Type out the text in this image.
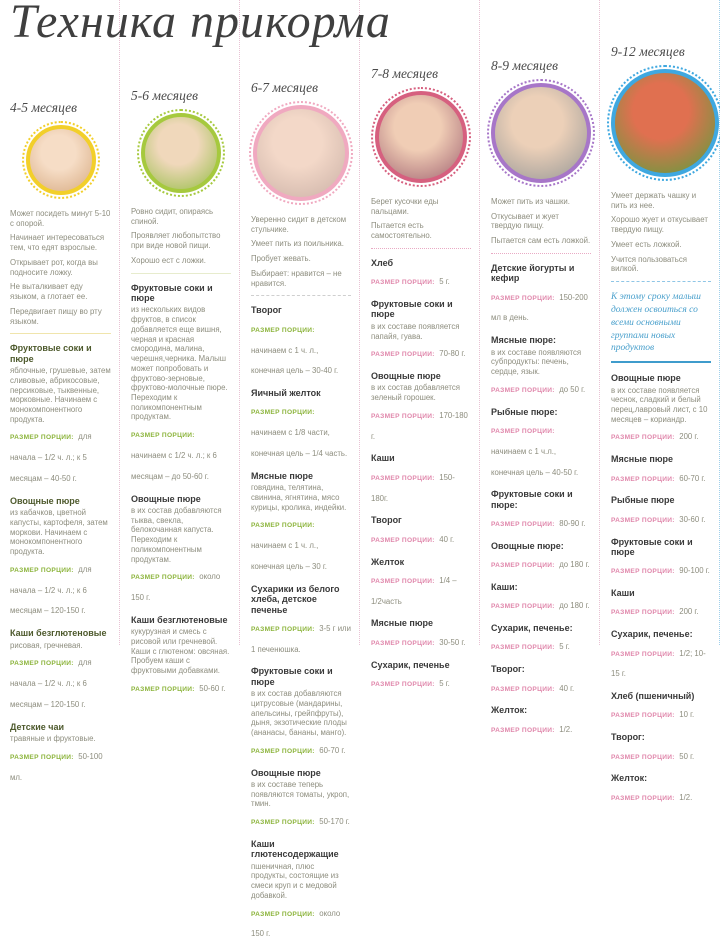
Техника прикорма
4-5 месяцев

Может посидеть минут 5-10 с опорой.

Начинает интересоваться тем, что едят взрослые.

Открывает рот, когда вы подносите ложку.

Не выталкивает еду языком, а глотает ее.

Передвигает пищу во рту языком.

Фруктовые соки и пюре

яблочные, грушевые, затем сливовые, абрикосовые, персиковые, тыквенные, морковные. Начинаем с монокомпонентного продукта.

РАЗМЕР ПОРЦИИ: для начала – 1/2 ч. л.; к 5 месяцам – 40-50 г.

Овощные пюре

из кабачков, цветной капусты, картофеля, затем моркови. Начинаем с монокомпонентного продукта.

РАЗМЕР ПОРЦИИ: для начала – 1/2 ч. л.; к 6 месяцам – 120-150 г.

Каши безглютеновые

рисовая, гречневая.

РАЗМЕР ПОРЦИИ: для начала – 1/2 ч. л.; к 6 месяцам – 120-150 г.

Детские чаи

травяные и фруктовые.

РАЗМЕР ПОРЦИИ: 50-100 мл.

5-6 месяцев

Ровно сидит, опираясь спиной.

Проявляет любопытство при виде новой пищи.

Хорошо ест с ложки.

Фруктовые соки и пюре

из нескольких видов фруктов, в список добавляется еще вишня, черная и красная смородина, малина, черешня,черника. Малыш может попробовать и фруктово-зерновые, фруктово-молочные пюре. Переходим к поликомпонентным продуктам.

РАЗМЕР ПОРЦИИ: начинаем с 1/2 ч. л.; к 6 месяцам – до 50-60 г.

Овощные пюре

в их состав добавляются тыква, свекла, белокочанная капуста. Переходим к поликомпонентным продуктам.

РАЗМЕР ПОРЦИИ: около 150 г.

Каши безглютеновые

кукурузная и смесь с рисовой или гречневой. Каши с глютеном: овсяная. Пробуем каши с фруктовыми добавками.

РАЗМЕР ПОРЦИИ: 50-60 г.

6-7 месяцев

Уверенно сидит в детском стульчике.

Умеет пить из поильника.

Пробует жевать.

Выбирает: нравится – не нравится.

Творог

РАЗМЕР ПОРЦИИ: начинаем с 1 ч. л., конечная цель – 30-40 г.

Яичный желток

РАЗМЕР ПОРЦИИ: начинаем с 1/8 части, конечная цель – 1/4 часть.

Мясные пюре

говядина, телятина, свинина, ягнятина, мясо курицы, кролика, индейки.

РАЗМЕР ПОРЦИИ: начинаем с 1 ч. л., конечная цель – 30 г.

Сухарики из белого хлеба, детское печенье

РАЗМЕР ПОРЦИИ: 3-5 г или 1 печенюшка.

Фруктовые соки и пюре

в их состав добавляются цитрусовые (мандарины, апельсины, грейпфруты), дыня, экзотические плоды (ананасы, бананы, манго).

РАЗМЕР ПОРЦИИ: 60-70 г.

Овощные пюре

в их составе теперь появляются томаты, укроп, тмин.

РАЗМЕР ПОРЦИИ: 50-170 г.

Каши глютенсодержащие

пшеничная, плюс продукты, состоящие из смеси круп и с медовой добавкой.

РАЗМЕР ПОРЦИИ: около 150 г.

7-8 месяцев

Берет кусочки еды пальцами.

Пытается есть самостоятельно.

Хлеб

РАЗМЕР ПОРЦИИ: 5 г.

Фруктовые соки и пюре

в их составе появляется папайя, гуава.

РАЗМЕР ПОРЦИИ: 70-80 г.

Овощные пюре

в их состав добавляется зеленый горошек.

РАЗМЕР ПОРЦИИ: 170-180 г.

Каши

РАЗМЕР ПОРЦИИ: 150-180г.

Творог

РАЗМЕР ПОРЦИИ: 40 г.

Желток

РАЗМЕР ПОРЦИИ: 1/4 – 1/2часть

Мясные пюре

РАЗМЕР ПОРЦИИ: 30-50 г.

Сухарик, печенье

РАЗМЕР ПОРЦИИ: 5 г.

8-9 месяцев

Может пить из чашки.

Откусывает и жует твердую пищу.

Пытается сам есть ложкой.

Детские йогурты и кефир

РАЗМЕР ПОРЦИИ: 150-200 мл в день.

Мясные пюре:

в их составе появляются субпродукты: печень, сердце, язык.

РАЗМЕР ПОРЦИИ: до 50 г.

Рыбные пюре:

РАЗМЕР ПОРЦИИ: начинаем с 1 ч.л., конечная цель – 40-50 г.

Фруктовые соки и пюре:

РАЗМЕР ПОРЦИИ: 80-90 г.

Овощные пюре:

РАЗМЕР ПОРЦИИ: до 180 г.

Каши:

РАЗМЕР ПОРЦИИ: до 180 г.

Сухарик, печенье:

РАЗМЕР ПОРЦИИ: 5 г.

Творог:

РАЗМЕР ПОРЦИИ: 40 г.

Желток:

РАЗМЕР ПОРЦИИ: 1/2.

9-12 месяцев

Умеет держать чашку и пить из нее.

Хорошо жует и откусывает твердую пищу.

Умеет есть ложкой.

Учится пользоваться вилкой.

К этому сроку малыш должен освоиться со всеми основными группами новых продуктов

Овощные пюре

в их составе появляется чеснок, сладкий и белый перец,лавровый лист, с 10 месяцев – кориандр.

РАЗМЕР ПОРЦИИ: 200 г.

Мясные пюре

РАЗМЕР ПОРЦИИ: 60-70 г.

Рыбные пюре

РАЗМЕР ПОРЦИИ: 30-60 г.

Фруктовые соки и пюре

РАЗМЕР ПОРЦИИ: 90-100 г.

Каши

РАЗМЕР ПОРЦИИ: 200 г.

Сухарик, печенье:

РАЗМЕР ПОРЦИИ: 1/2; 10-15 г.

Хлеб (пшеничный)

РАЗМЕР ПОРЦИИ: 10 г.

Творог:

РАЗМЕР ПОРЦИИ: 50 г.

Желток:

РАЗМЕР ПОРЦИИ: 1/2.
